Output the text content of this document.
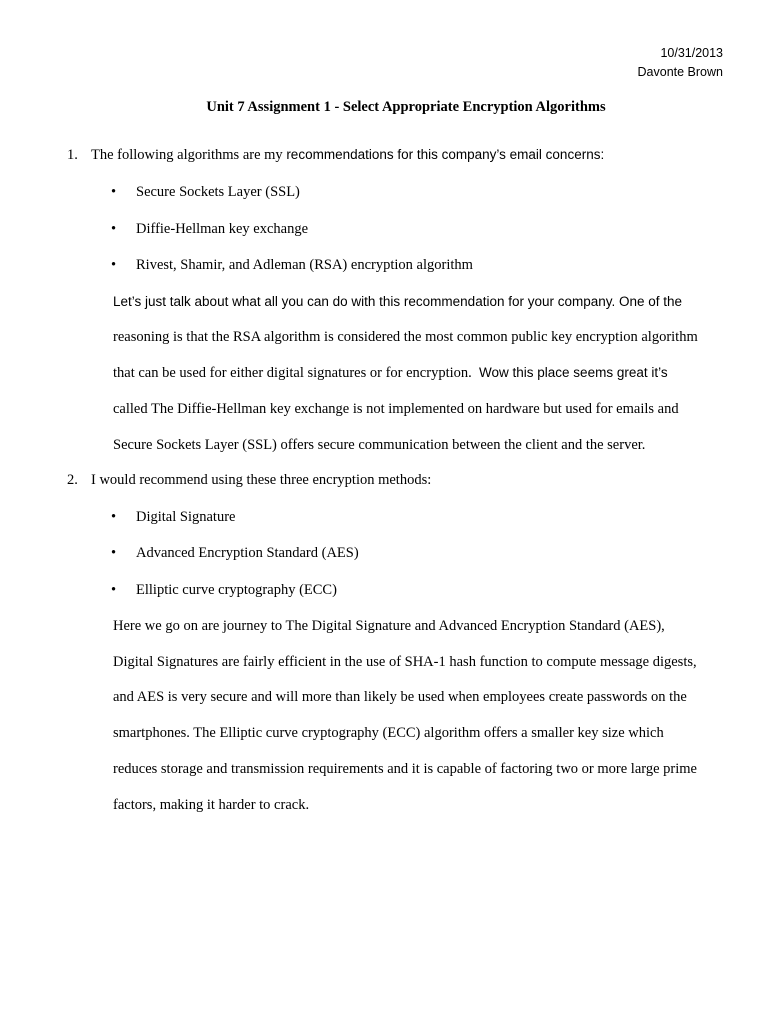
10/31/2013
Davonte Brown
Unit 7 Assignment 1 - Select Appropriate Encryption Algorithms
1. The following algorithms are my recommendations for this company’s email concerns:
• Secure Sockets Layer (SSL)
• Diffie-Hellman key exchange
• Rivest, Shamir, and Adleman (RSA) encryption algorithm
Let’s just talk about what all you can do with this recommendation for your company. One of the
reasoning is that the RSA algorithm is considered the most common public key encryption algorithm
that can be used for either digital signatures or for encryption.  Wow this place seems great it’s
called The Diffie-Hellman key exchange is not implemented on hardware but used for emails and
Secure Sockets Layer (SSL) offers secure communication between the client and the server.
2. I would recommend using these three encryption methods:
• Digital Signature
• Advanced Encryption Standard (AES)
• Elliptic curve cryptography (ECC)
Here we go on are journey to The Digital Signature and Advanced Encryption Standard (AES),
Digital Signatures are fairly efficient in the use of SHA-1 hash function to compute message digests,
and AES is very secure and will more than likely be used when employees create passwords on the
smartphones. The Elliptic curve cryptography (ECC) algorithm offers a smaller key size which
reduces storage and transmission requirements and it is capable of factoring two or more large prime
factors, making it harder to crack.
